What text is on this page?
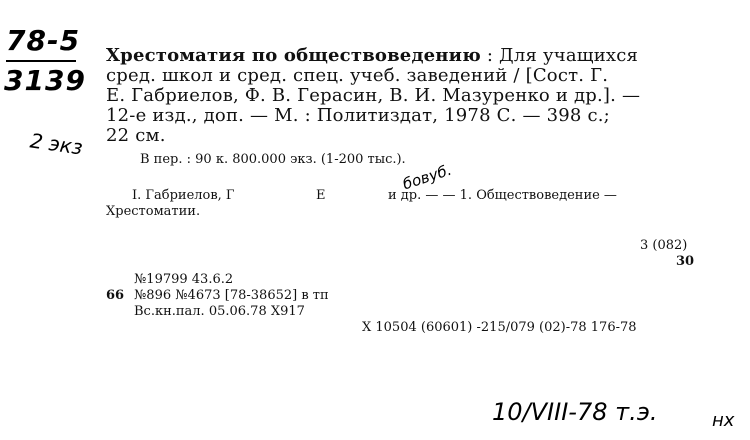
78-5
3139
2 экз
бовуб.
10/VIII-78 т.э.	нх
Хрестоматия по обществоведению : Для учащихся
сред. школ и сред. спец. учеб. заведений / [Сост. Г.
Е. Габриелов, Ф. В. Герасин, В. И. Мазуренко и др.]. —
12-е изд., доп. — М. : Политиздат, 1978 С. — 398 с.;
22 см.
В пер. : 90 к. 800.000 экз. (1-200 тыс.).
I. Габриелов, Г	Е	и др. — — 1. Обществоведение —
Хрестоматии.
3 (082)
30
№19799 43.6.2
66 №896 №4673 [78-38652] в тп
Вс.кн.пал. 05.06.78 X917
X 10504 (60601) -215/079 (02)-78 176-78
